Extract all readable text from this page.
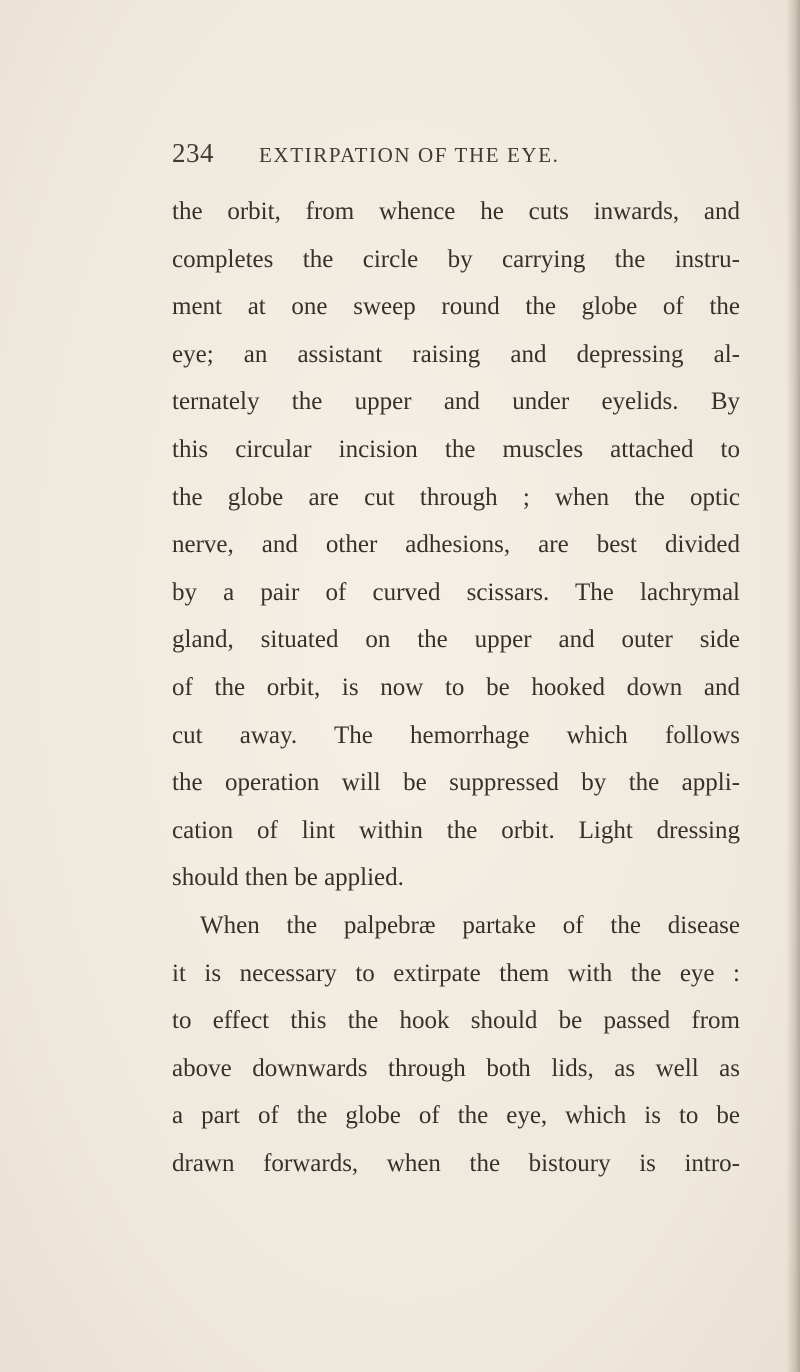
234 EXTIRPATION OF THE EYE.
the orbit, from whence he cuts inwards, and
completes the circle by carrying the instru-
ment at one sweep round the globe of the
eye; an assistant raising and depressing al-
ternately the upper and under eyelids. By
this circular incision the muscles attached to
the globe are cut through ; when the optic
nerve, and other adhesions, are best divided
by a pair of curved scissars. The lachrymal
gland, situated on the upper and outer side
of the orbit, is now to be hooked down and
cut away. The hemorrhage which follows
the operation will be suppressed by the appli-
cation of lint within the orbit. Light dressing
should then be applied.
When the palpebræ partake of the disease
it is necessary to extirpate them with the eye :
to effect this the hook should be passed from
above downwards through both lids, as well as
a part of the globe of the eye, which is to be
drawn forwards, when the bistoury is intro-
